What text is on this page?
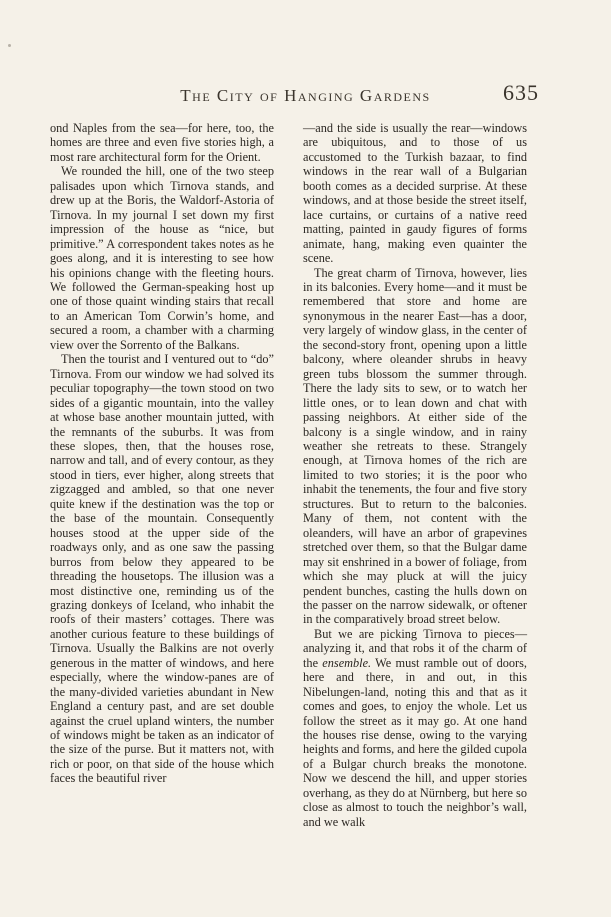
The City of Hanging Gardens	635

ond Naples from the sea—for here, too, the homes are three and even five stories high, a most rare architectural form for the Orient.

We rounded the hill, one of the two steep palisades upon which Tirnova stands, and drew up at the Boris, the Waldorf-Astoria of Tirnova. In my journal I set down my first impression of the house as “nice, but primitive.” A correspondent takes notes as he goes along, and it is interesting to see how his opinions change with the fleeting hours. We followed the German-speaking host up one of those quaint winding stairs that recall to an American Tom Corwin’s home, and secured a room, a chamber with a charming view over the Sorrento of the Balkans.

Then the tourist and I ventured out to “do” Tirnova. From our window we had solved its peculiar topography—the town stood on two sides of a gigantic mountain, into the valley at whose base another mountain jutted, with the remnants of the suburbs. It was from these slopes, then, that the houses rose, narrow and tall, and of every contour, as they stood in tiers, ever higher, along streets that zigzagged and ambled, so that one never quite knew if the destination was the top or the base of the mountain. Consequently houses stood at the upper side of the roadways only, and as one saw the passing burros from below they appeared to be threading the housetops. The illusion was a most distinctive one, reminding us of the grazing donkeys of Iceland, who inhabit the roofs of their masters’ cottages. There was another curious feature to these buildings of Tirnova. Usually the Balkins are not overly generous in the matter of windows, and here especially, where the window-panes are of the many-divided varieties abundant in New England a century past, and are set double against the cruel upland winters, the number of windows might be taken as an indicator of the size of the purse. But it matters not, with rich or poor, on that side of the house which faces the beautiful river

—and the side is usually the rear—windows are ubiquitous, and to those of us accustomed to the Turkish bazaar, to find windows in the rear wall of a Bulgarian booth comes as a decided surprise. At these windows, and at those beside the street itself, lace curtains, or curtains of a native reed matting, painted in gaudy figures of forms animate, hang, making even quainter the scene.

The great charm of Tirnova, however, lies in its balconies. Every home—and it must be remembered that store and home are synonymous in the nearer East—has a door, very largely of window glass, in the center of the second-story front, opening upon a little balcony, where oleander shrubs in heavy green tubs blossom the summer through. There the lady sits to sew, or to watch her little ones, or to lean down and chat with passing neighbors. At either side of the balcony is a single window, and in rainy weather she retreats to these. Strangely enough, at Tirnova homes of the rich are limited to two stories; it is the poor who inhabit the tenements, the four and five story structures. But to return to the balconies. Many of them, not content with the oleanders, will have an arbor of grapevines stretched over them, so that the Bulgar dame may sit enshrined in a bower of foliage, from which she may pluck at will the juicy pendent bunches, casting the hulls down on the passer on the narrow sidewalk, or oftener in the comparatively broad street below.

But we are picking Tirnova to pieces—analyzing it, and that robs it of the charm of the ensemble. We must ramble out of doors, here and there, in and out, in this Nibelungen-land, noting this and that as it comes and goes, to enjoy the whole. Let us follow the street as it may go. At one hand the houses rise dense, owing to the varying heights and forms, and here the gilded cupola of a Bulgar church breaks the monotone. Now we descend the hill, and upper stories overhang, as they do at Nürnberg, but here so close as almost to touch the neighbor’s wall, and we walk
